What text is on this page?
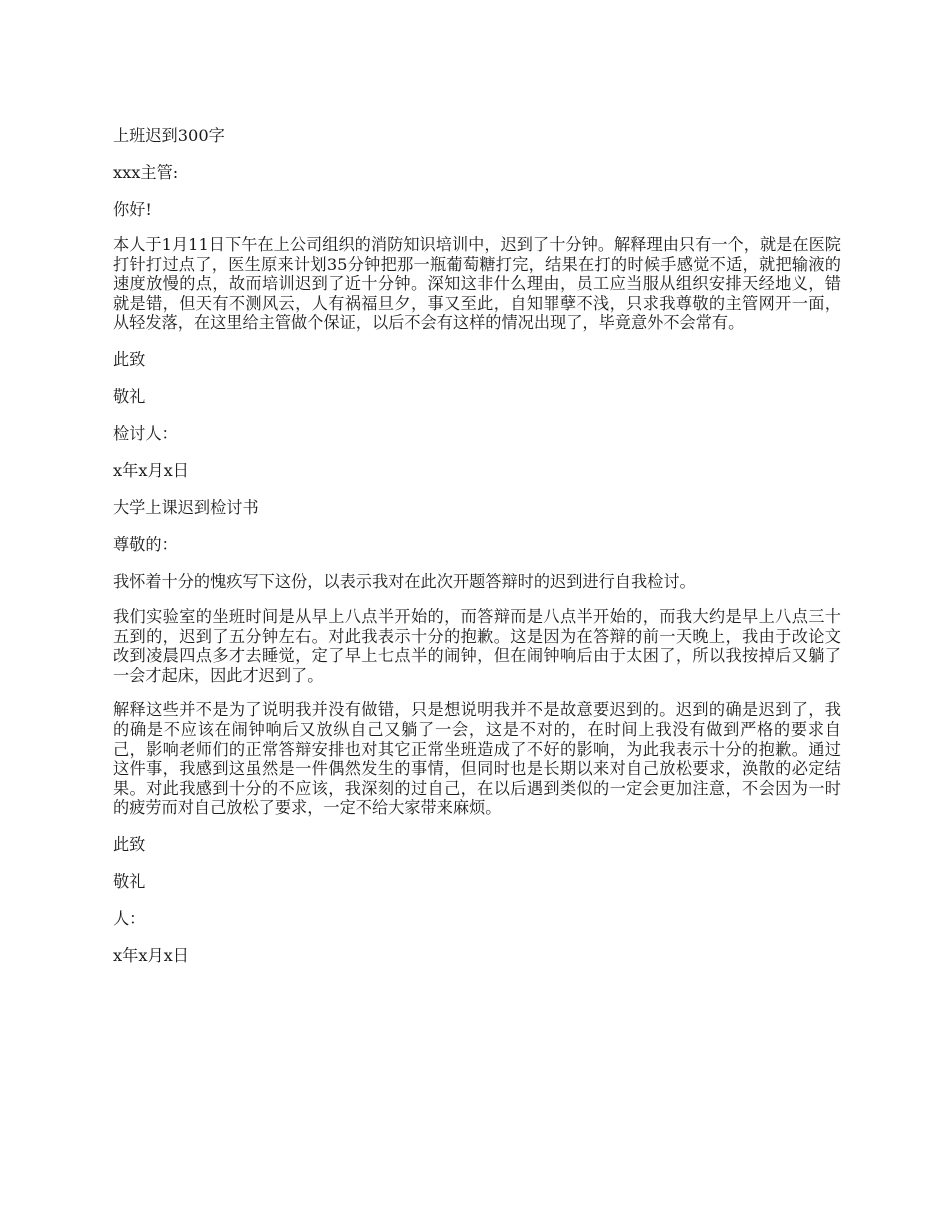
上班迟到300字

xxx主管:

你好!

本人于1月11日下午在上公司组织的消防知识培训中，迟到了十分钟。解释理由只有一个，就是在医院打针打过点了，医生原来计划35分钟把那一瓶葡萄糖打完，结果在打的时候手感觉不适，就把输液的速度放慢的点，故而培训迟到了近十分钟。深知这非什么理由，员工应当服从组织安排天经地义，错就是错，但天有不测风云，人有祸福旦夕，事又至此，自知罪孽不浅，只求我尊敬的主管网开一面，从轻发落，在这里给主管做个保证，以后不会有这样的情况出现了，毕竟意外不会常有。

此致

敬礼

检讨人：

x年x月x日

大学上课迟到检讨书

尊敬的：

我怀着十分的愧疚写下这份，以表示我对在此次开题答辩时的迟到进行自我检讨。

我们实验室的坐班时间是从早上八点半开始的，而答辩而是八点半开始的，而我大约是早上八点三十五到的，迟到了五分钟左右。对此我表示十分的抱歉。这是因为在答辩的前一天晚上，我由于改论文改到凌晨四点多才去睡觉，定了早上七点半的闹钟，但在闹钟响后由于太困了，所以我按掉后又躺了一会才起床，因此才迟到了。

解释这些并不是为了说明我并没有做错，只是想说明我并不是故意要迟到的。迟到的确是迟到了，我的确是不应该在闹钟响后又放纵自己又躺了一会，这是不对的，在时间上我没有做到严格的要求自己，影响老师们的正常答辩安排也对其它正常坐班造成了不好的影响，为此我表示十分的抱歉。通过这件事，我感到这虽然是一件偶然发生的事情，但同时也是长期以来对自己放松要求，涣散的必定结果。对此我感到十分的不应该，我深刻的过自己，在以后遇到类似的一定会更加注意，不会因为一时的疲劳而对自己放松了要求，一定不给大家带来麻烦。

此致

敬礼

人：

x年x月x日
